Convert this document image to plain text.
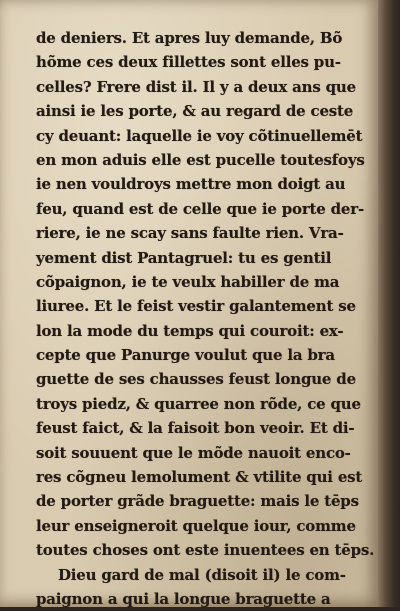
de deniers. Et apres luy demande, Bõ
hõme ces deux fillettes sont elles pu-
celles? Frere dist il. Il y a deux ans que
ainsi ie les porte, & au regard de ceste
cy deuant: laquelle ie voy cõtinuellemēt
en mon aduis elle est pucelle toutesfoys
ie nen vouldroys mettre mon doigt au
feu, quand est de celle que ie porte der-
riere, ie ne scay sans faulte rien. Vra-
yement dist Pantagruel: tu es gentil
cõpaignon, ie te veulx habiller de ma
liuree. Et le feist vestir galantement se
lon la mode du temps qui couroit: ex-
cepte que Panurge voulut que la bra
guette de ses chausses feust longue de
troys piedz, & quarree non rõde, ce que
feust faict, & la faisoit bon veoir. Et di-
soit souuent que le mõde nauoit enco-
res cõgneu lemolument & vtilite qui est
de porter grãde braguette: mais le tēps
leur enseigneroit quelque iour, comme
toutes choses ont este inuentees en tēps.
Dieu gard de mal (disoit il) le com-
paignon a qui la longue braguette a
